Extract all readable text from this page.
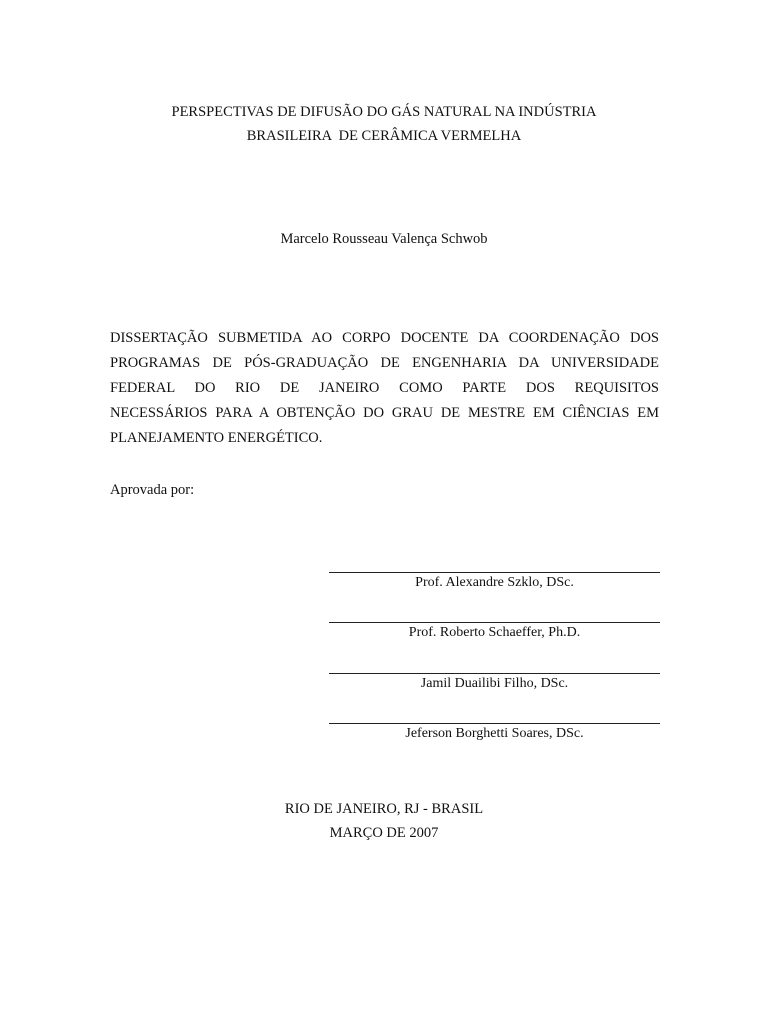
PERSPECTIVAS DE DIFUSÃO DO GÁS NATURAL NA INDÚSTRIA
BRASILEIRA  DE CERÂMICA VERMELHA
Marcelo Rousseau Valença Schwob
DISSERTAÇÃO SUBMETIDA AO CORPO DOCENTE DA COORDENAÇÃO DOS
PROGRAMAS DE PÓS-GRADUAÇÃO DE ENGENHARIA DA UNIVERSIDADE
FEDERAL DO RIO DE JANEIRO COMO PARTE DOS REQUISITOS
NECESSÁRIOS PARA A OBTENÇÃO DO GRAU DE MESTRE EM CIÊNCIAS EM
PLANEJAMENTO ENERGÉTICO.
Aprovada por:
Prof. Alexandre Szklo, DSc.
Prof. Roberto Schaeffer, Ph.D.
Jamil Duailibi Filho, DSc.
Jeferson Borghetti Soares, DSc.
RIO DE JANEIRO, RJ - BRASIL
MARÇO DE 2007
